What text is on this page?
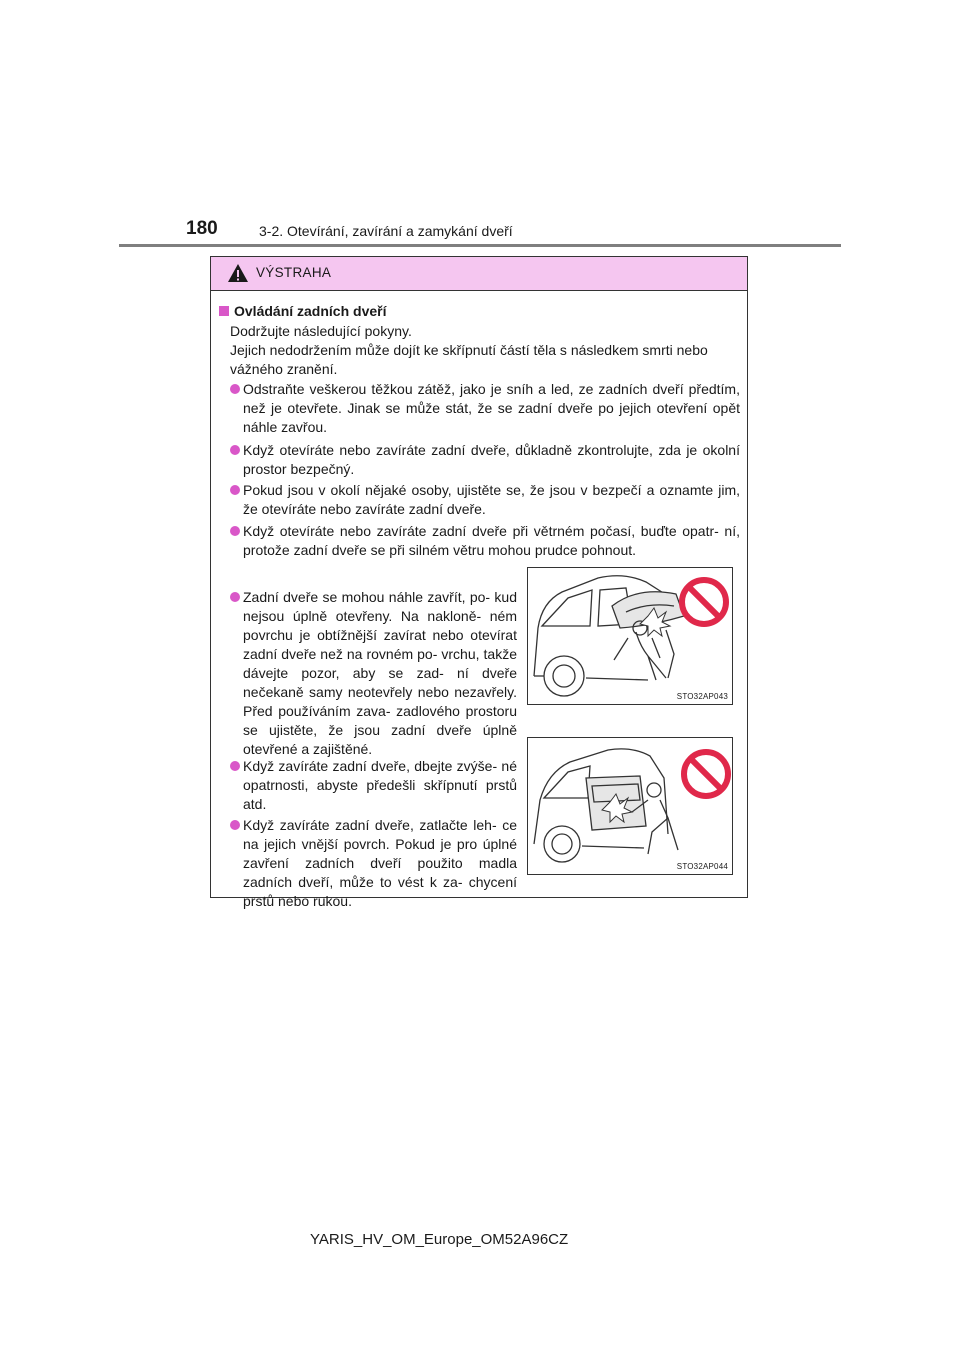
180	3-2. Otevírání, zavírání a zamykání dveří
VÝSTRAHA
Ovládání zadních dveří
Dodržujte následující pokyny.
Jejich nedodržením může dojít ke skřípnutí částí těla s následkem smrti nebo vážného zranění.
Odstraňte veškerou těžkou zátěž, jako je sníh a led, ze zadních dveří předtím, než je otevřete. Jinak se může stát, že se zadní dveře po jejich otevření opět náhle zavřou.
Když otevíráte nebo zavíráte zadní dveře, důkladně zkontrolujte, zda je okolní prostor bezpečný.
Pokud jsou v okolí nějaké osoby, ujistěte se, že jsou v bezpečí a oznamte jim, že otevíráte nebo zavíráte zadní dveře.
Když otevíráte nebo zavíráte zadní dveře při větrném počasí, buďte opatr- ní, protože zadní dveře se při silném větru mohou prudce pohnout.
Zadní dveře se mohou náhle zavřít, po- kud nejsou úplně otevřeny. Na nakloně- ném povrchu je obtížnější zavírat nebo otevírat zadní dveře než na rovném po- vrchu, takže dávejte pozor, aby se zad- ní dveře nečekaně samy neotevřely nebo nezavřely. Před používáním zava- zadlového prostoru se ujistěte, že jsou zadní dveře úplně otevřené a zajištěné.
Když zavíráte zadní dveře, dbejte zvýše- né opatrnosti, abyste předešli skřípnutí prstů atd.
Když zavíráte zadní dveře, zatlačte leh- ce na jejich vnější povrch. Pokud je pro úplné zavření zadních dveří použito madla zadních dveří, může to vést k za- chycení prstů nebo rukou.
STO32AP043
STO32AP044
YARIS_HV_OM_Europe_OM52A96CZ
